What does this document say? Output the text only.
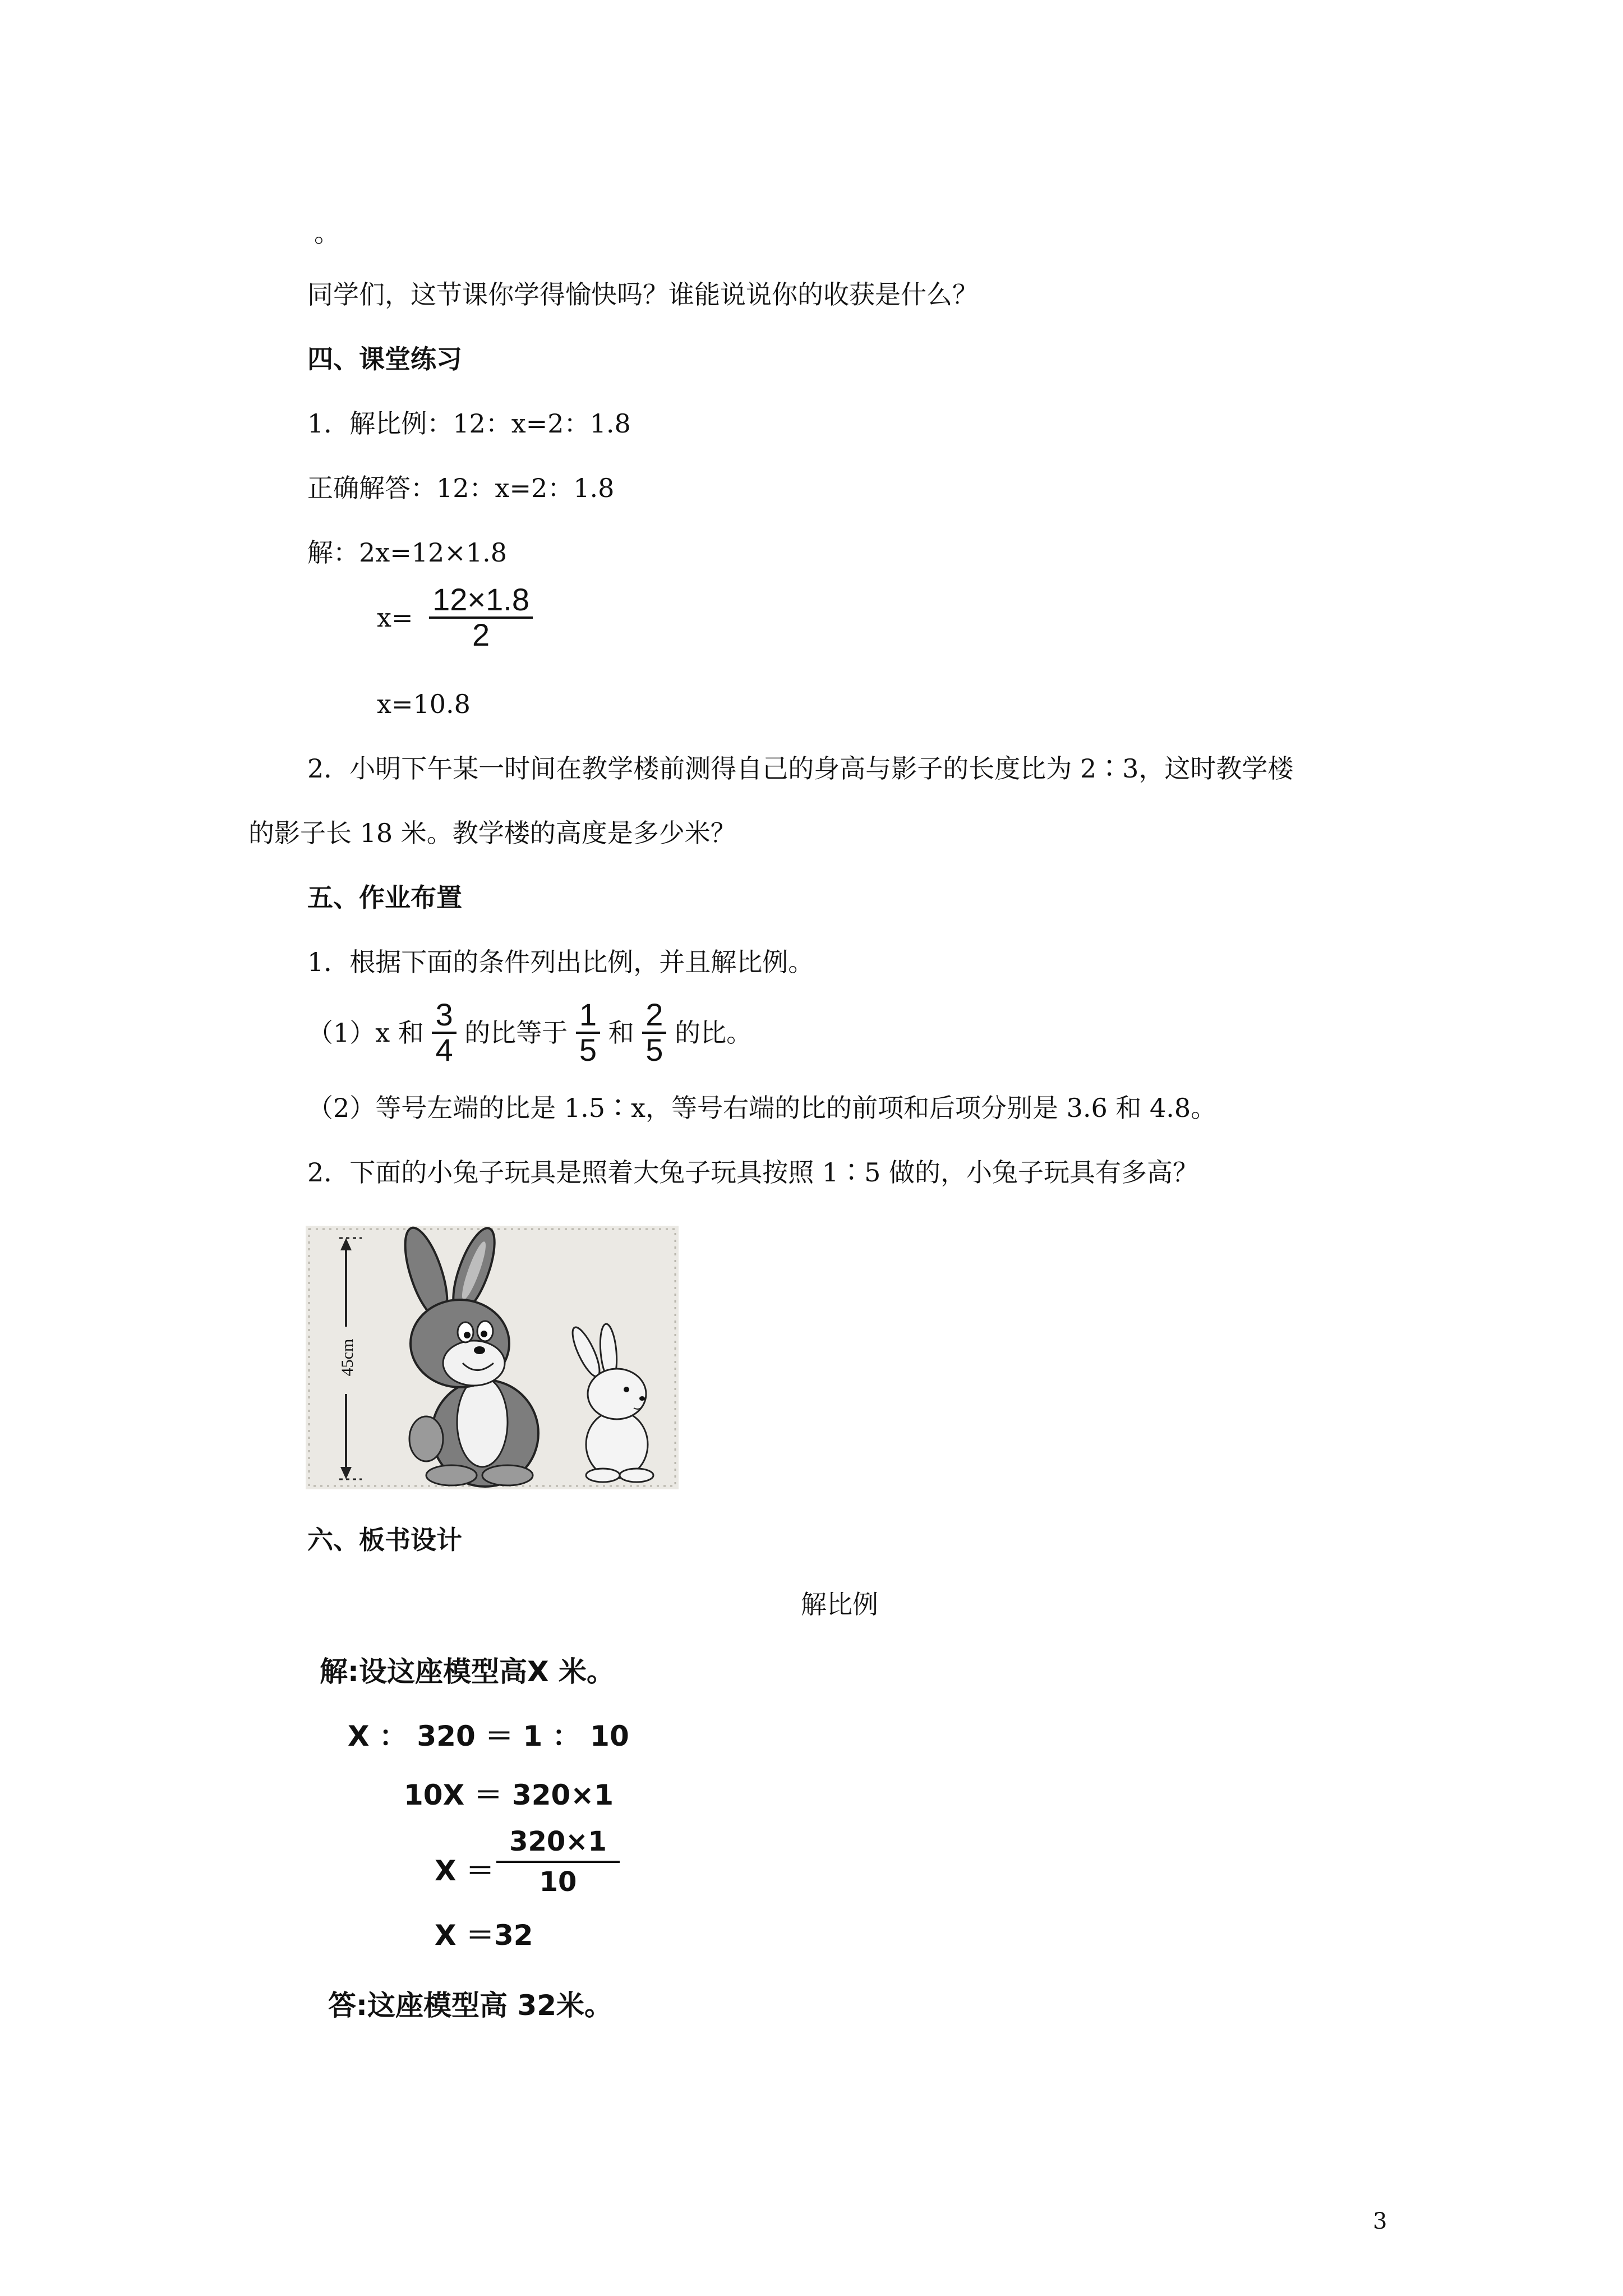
。
同学们，这节课你学得愉快吗？谁能说说你的收获是什么？
四、课堂练习
1．解比例：12：x=2：1.8
正确解答：12：x=2：1.8
解：2x=12×1.8
$x= \frac{12\times 1.8}{2}$
x=10.8
2．小明下午某一时间在教学楼前测得自己的身高与影子的长度比为 2∶3，这时教学楼
的影子长 18 米。教学楼的高度是多少米？
五、作业布置
1．根据下面的条件列出比例，并且解比例。
（1）x 和 $\frac{3}{4}$ 的比等于 $\frac{1}{5}$ 和 $\frac{2}{5}$ 的比。
（2）等号左端的比是 1.5∶x，等号右端的比的前项和后项分别是 3.6 和 4.8。
2．下面的小兔子玩具是照着大兔子玩具按照 1∶5 做的，小兔子玩具有多高？
45cm
六、板书设计
解比例
解:设这座模型高X 米。
X ： 320 ＝ 1 ： 10
10X ＝ 320×1
$X = \frac{320\times 1}{10}$
X ＝32
答:这座模型高 32米。
3
